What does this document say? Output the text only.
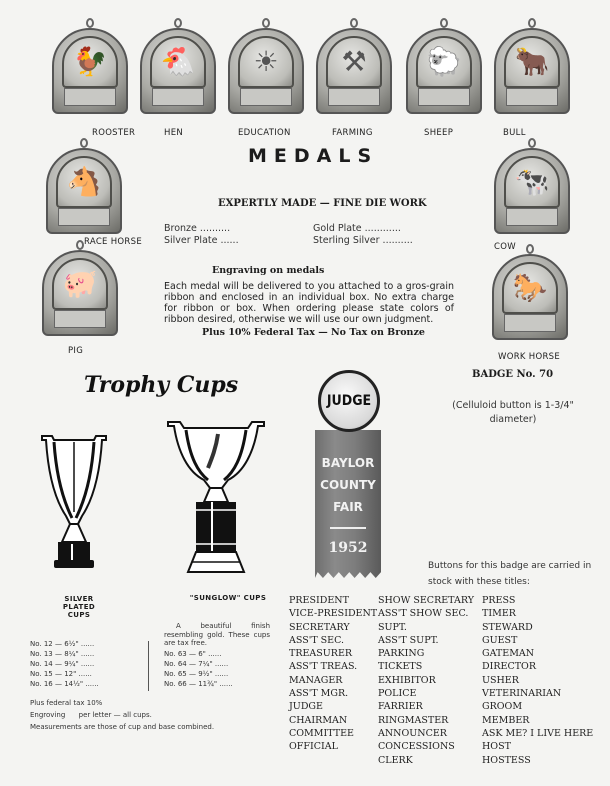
🐓
ROOSTER
🐔
HEN
☀
EDUCATION
⚒
FARMING
🐑
SHEEP
🐂
BULL
🐴
RACE HORSE
🐖
PIG
🐄
COW
🐎
WORK HORSE
MEDALS
EXPERTLY MADE — FINE DIE WORK
Bronze ..........
Silver Plate ......
Gold Plate ............
Sterling Silver ..........
Engraving on medals
Each medal will be delivered to you attached to a gros-grain ribbon and enclosed in an individual box. No extra charge for ribbon or box. When ordering please state colors of ribbon desired, otherwise we will use our own judgment.
Plus 10% Federal Tax — No Tax on Bronze
BADGE No. 70
(Celluloid button is 1-3/4" diameter)
JUDGE
BAYLOR
COUNTY
FAIR
1952
Buttons for this badge are carried in stock with these titles:
PRESIDENT
VICE-PRESIDENT
SECRETARY
ASS'T SEC.
TREASURER
ASS'T TREAS.
MANAGER
ASS'T MGR.
JUDGE
CHAIRMAN
COMMITTEE
OFFICIAL
SHOW SECRETARY
ASS'T SHOW SEC.
SUPT.
ASS'T SUPT.
PARKING
TICKETS
EXHIBITOR
POLICE
FARRIER
RINGMASTER
ANNOUNCER
CONCESSIONS
CLERK
PRESS
TIMER
STEWARD
GUEST
GATEMAN
DIRECTOR
USHER
VETERINARIAN
GROOM
MEMBER
ASK ME? I LIVE HERE
HOST
HOSTESS
Trophy Cups
SILVER PLATED
CUPS
No. 12 — 6½" ......
No. 13 — 8¼" ......
No. 14 — 9¼" ......
No. 15 — 12" ......
No. 16 — 14½" ......
"SUNGLOW" CUPS
A beautiful finish resembling gold. These cups are tax free.
No. 63 — 6" ......
No. 64 — 7¼" ......
No. 65 — 9½" ......
No. 66 — 11¾" ......
Plus federal tax 10%
Engroving      per letter — all cups.
Measurements are those of cup and base combined.
